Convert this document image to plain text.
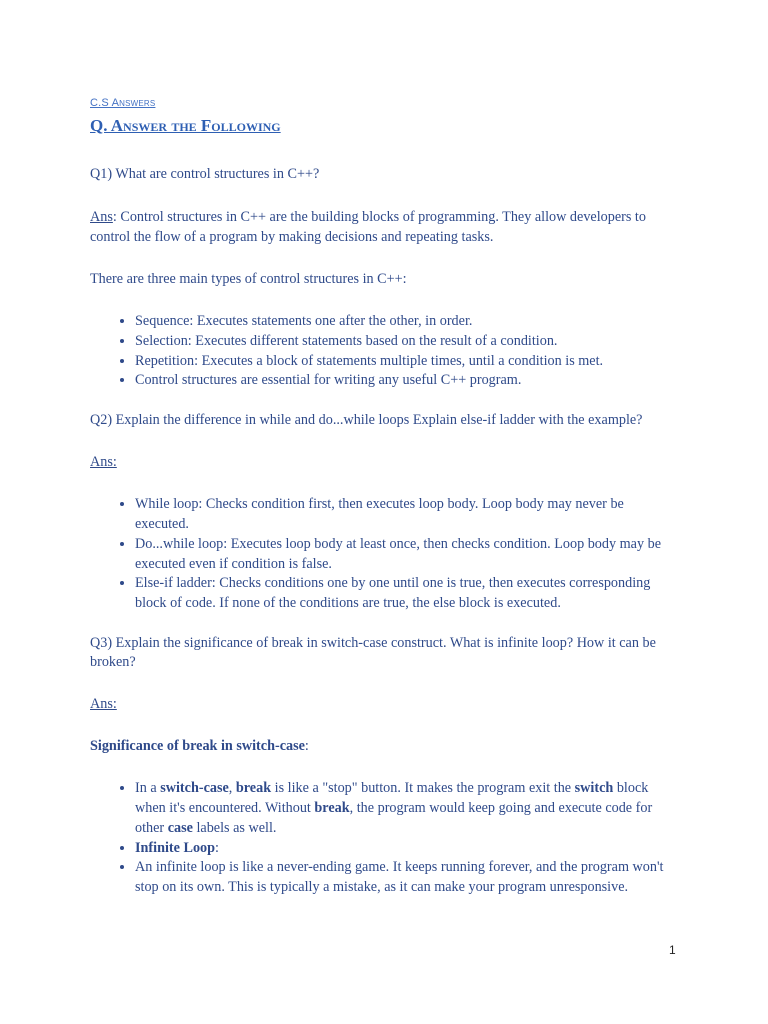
C.S Answers

Q. Answer the Following

Q1) What are control structures in C++?

Ans: Control structures in C++ are the building blocks of programming. They allow developers to control the flow of a program by making decisions and repeating tasks.

There are three main types of control structures in C++:

• Sequence: Executes statements one after the other, in order.
• Selection: Executes different statements based on the result of a condition.
• Repetition: Executes a block of statements multiple times, until a condition is met.
• Control structures are essential for writing any useful C++ program.

Q2) Explain the difference in while and do...while loops Explain else-if ladder with the example?

Ans:

• While loop: Checks condition first, then executes loop body. Loop body may never be executed.
• Do...while loop: Executes loop body at least once, then checks condition. Loop body may be executed even if condition is false.
• Else-if ladder: Checks conditions one by one until one is true, then executes corresponding block of code. If none of the conditions are true, the else block is executed.

Q3) Explain the significance of break in switch-case construct. What is infinite loop? How it can be broken?

Ans:

Significance of break in switch-case:

• In a switch-case, break is like a "stop" button. It makes the program exit the switch block when it's encountered. Without break, the program would keep going and execute code for other case labels as well.
• Infinite Loop:
• An infinite loop is like a never-ending game. It keeps running forever, and the program won't stop on its own. This is typically a mistake, as it can make your program unresponsive.
1
